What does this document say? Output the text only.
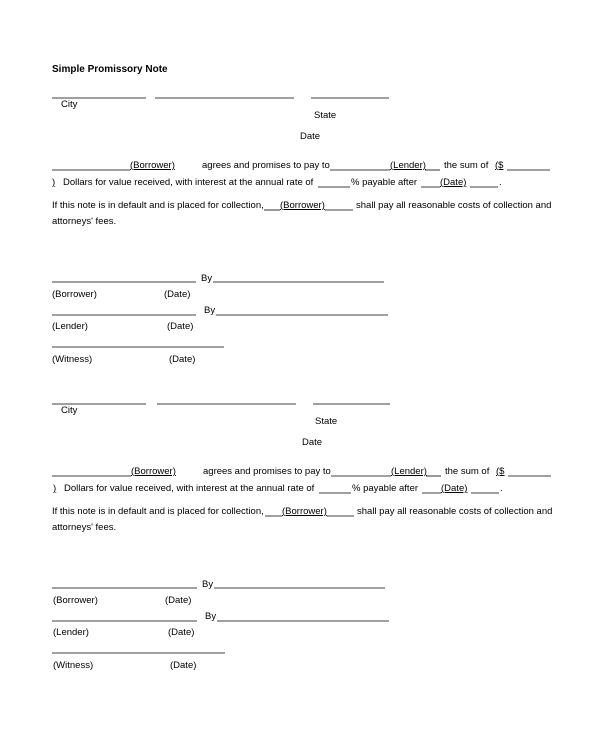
Simple Promissory Note
City
State
Date
(Borrower)	agrees and promises to pay to	(Lender) the sum of ($
) Dollars for value received, with interest at the annual rate of	% payable after (Date)	.
If this note is in default and is placed for collection, (Borrower)	shall pay all reasonable costs of collection and
attorneys' fees.
By
(Borrower)	(Date)
By
(Lender)	(Date)
(Witness)	(Date)
City
State
Date
(Borrower)	agrees and promises to pay to	(Lender) the sum of ($
) Dollars for value received, with interest at the annual rate of	% payable after (Date)	.
If this note is in default and is placed for collection, (Borrower)	shall pay all reasonable costs of collection and
attorneys' fees.
By
(Borrower)	(Date)
By
(Lender)	(Date)
(Witness)	(Date)
